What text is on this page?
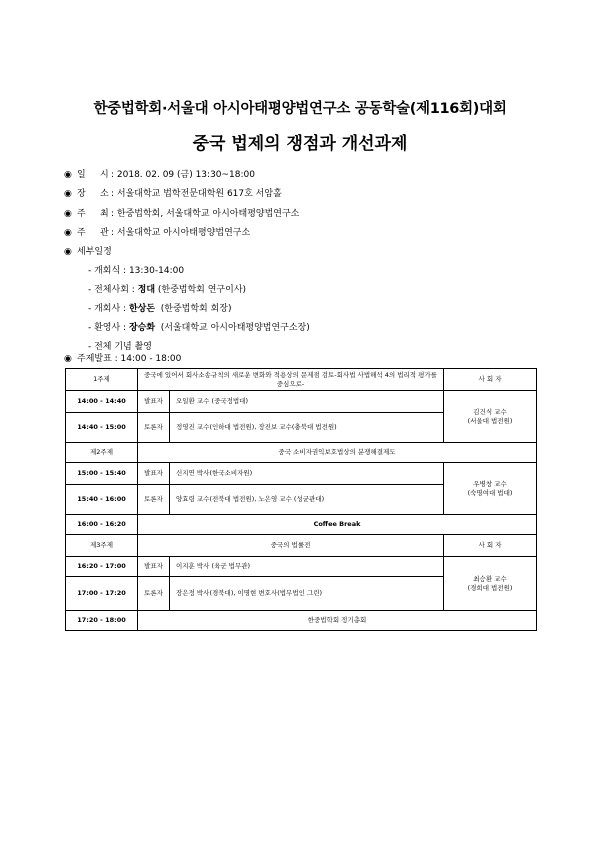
한중법학회·서울대 아시아태평양법연구소 공동학술(제116회)대회
중국 법제의 쟁점과 개선과제
◉ 일     시 : 2018. 02. 09 (금) 13:30~18:00
◉ 장     소 : 서울대학교 법학전문대학원 617호 서암홀
◉ 주     최 : 한중법학회, 서울대학교 아시아태평양법연구소
◉ 주     관 : 서울대학교 아시아태평양법연구소
◉ 세부일정
- 개회식 : 13:30-14:00
- 전체사회 : 정대 (한중법학회 연구이사)
- 개회사 : 한상돈  (한중법학회 회장)
- 환영사 : 장승화  (서울대학교 아시아태평양법연구소장)
- 전체 기념 촬영
◉ 주제발표 : 14:00 - 18:00
1주제	중국에 있어서 회사소송규칙의 새로운 변화와 적용상의 문제점 검토-회사법 사법해석 4의 법리적 평가를 중심으로-		사 회 자
14:00 - 14:40	발표자	오일환 교수 (중국정법대)	김건식 교수
(서울대 법전원)

14:40 - 15:00	토론자	정영진 교수(인하대 법전원), 장진보 교수(충북대 법전원)	
제2주제	중국 소비자권익보호법상의 분쟁해결제도		
15:00 - 15:40	발표자	신지연 박사(한국소비자원)	우병창 교수
(숙명여대 법대)

15:40 - 16:00	토론자	양효령 교수(전북대 법전원), 노은영 교수 (성균관대)	
16:00 - 16:20	Coffee Break		
제3주제	중국의 법률전		사 회 자
16:20 - 17:00	발표자	이지훈 박사 (육군 법무관)	최승환 교수
(경희대 법전원)

17:00 - 17:20	토론자	장은정 박사(경북대), 이명현 변호사(법무법인 그린)	
17:20 - 18:00	한중법학회 정기총회		
